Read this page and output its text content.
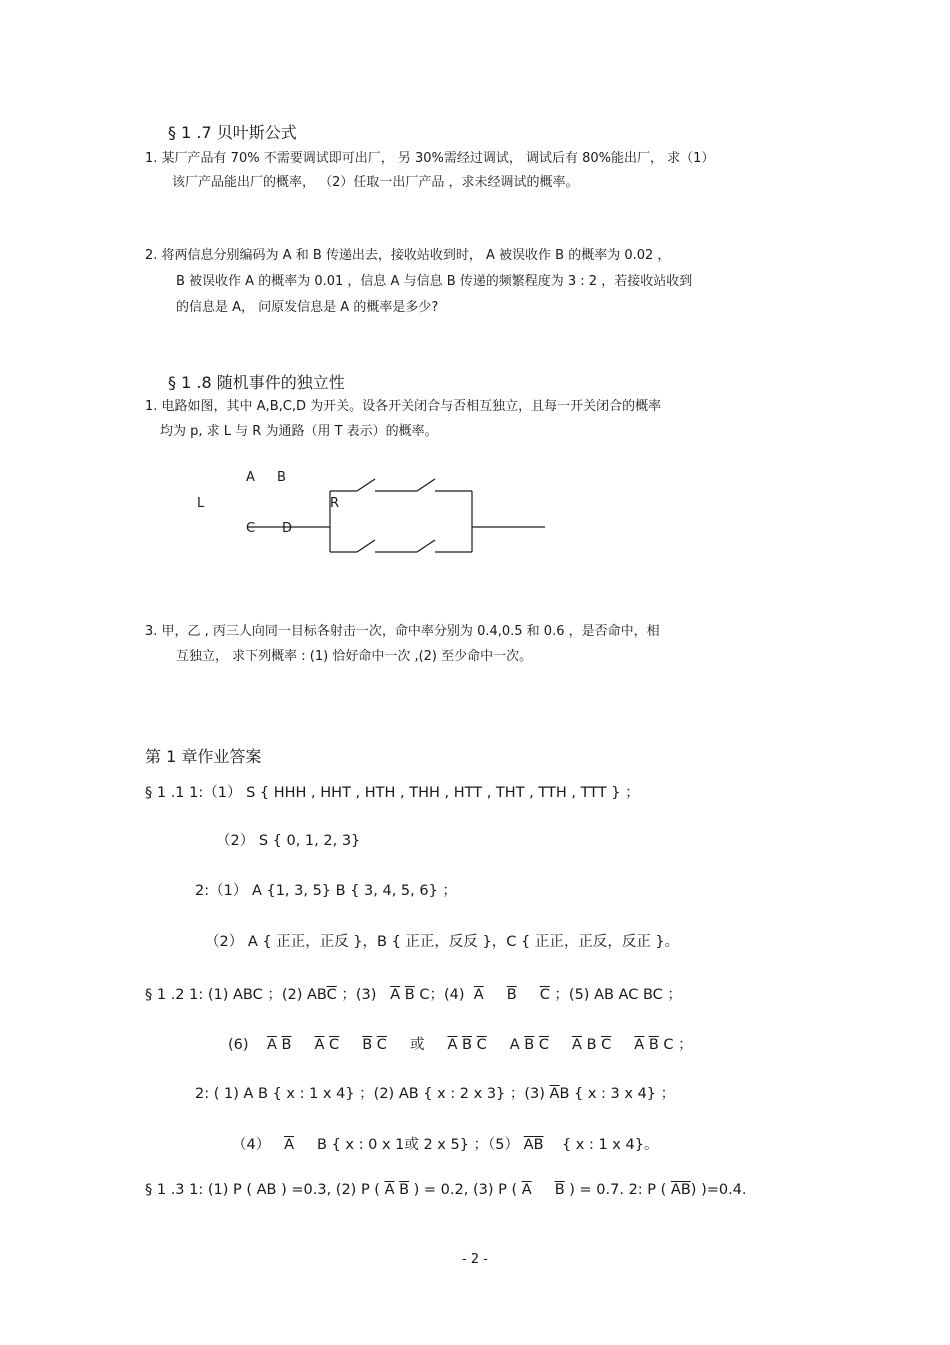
§ 1 .7 贝叶斯公式
1. 某厂产品有 70% 不需要调试即可出厂， 另 30%需经过调试， 调试后有 80%能出厂， 求（1）
该厂产品能出厂的概率， （2）任取一出厂产品 ，求未经调试的概率。
2. 将两信息分别编码为 A 和 B 传递出去，接收站收到时， A 被误收作 B 的概率为 0.02 ，
B 被误收作 A 的概率为 0.01 ，信息 A 与信息 B 传递的频繁程度为 3 : 2 ，若接收站收到
的信息是 A， 问原发信息是 A 的概率是多少?
§ 1 .8 随机事件的独立性
1. 电路如图，其中 A,B,C,D 为开关。设各开关闭合与否相互独立，且每一开关闭合的概率
均为 p, 求 L 与 R 为通路（用 T 表示）的概率。
A B
L	R
C D
3. 甲，乙 , 丙三人向同一目标各射击一次，命中率分别为 0.4,0.5 和 0.6 ，是否命中，相
互独立， 求下列概率 : (1) 恰好命中一次 ,(2) 至少命中一次。
第 1 章作业答案
§ 1 .1 1:（1） S { HHH , HHT , HTH , THH , HTT , THT , TTH , TTT } ；
（2） S { 0, 1, 2, 3}
2:（1） A {1, 3, 5} B { 3, 4, 5, 6} ；
（2） A { 正正，正反 }，B { 正正，反反 }，C { 正正，正反，反正 }。
§ 1 .2 1: (1) ABC ；(2) $AB\overline{C}$ ；(3) $\overline{A}$ $\overline{B}$ C；(4) $\overline{A}$ $\overline{B}$ $\overline{C}$ ；(5) AB AC BC ；
(6) $\overline{A}$ $\overline{B}$ $\overline{A}$ $\overline{C}$ $\overline{B}$ $\overline{C}$ 或 $\overline{A}$ $\overline{B}$ $\overline{C}$ A $\overline{B}$ $\overline{C}$ $\overline{A}$ B $\overline{C}$ $\overline{A}$ $\overline{B}$ C ；
2: ( 1) A B { x : 1 x 4} ；(2) AB { x : 2 x 3} ；(3) $\overline{A}B$ { x : 3 x 4} ；
（4） $\overline{A}$ B { x : 0 x 1或 2 x 5} ；（5） $\overline{A}\overline{B}$ { x : 1 x 4}。
§ 1 .3 1: (1) P ( AB ) =0.3, (2) P ( $\overline{A}$ $\overline{B}$ ) = 0.2, (3) P ( $\overline{A}$ $\overline{B}$ ) = 0.7. 2: P ( $\overline{AB}$) )=0.4.
- 2 -
